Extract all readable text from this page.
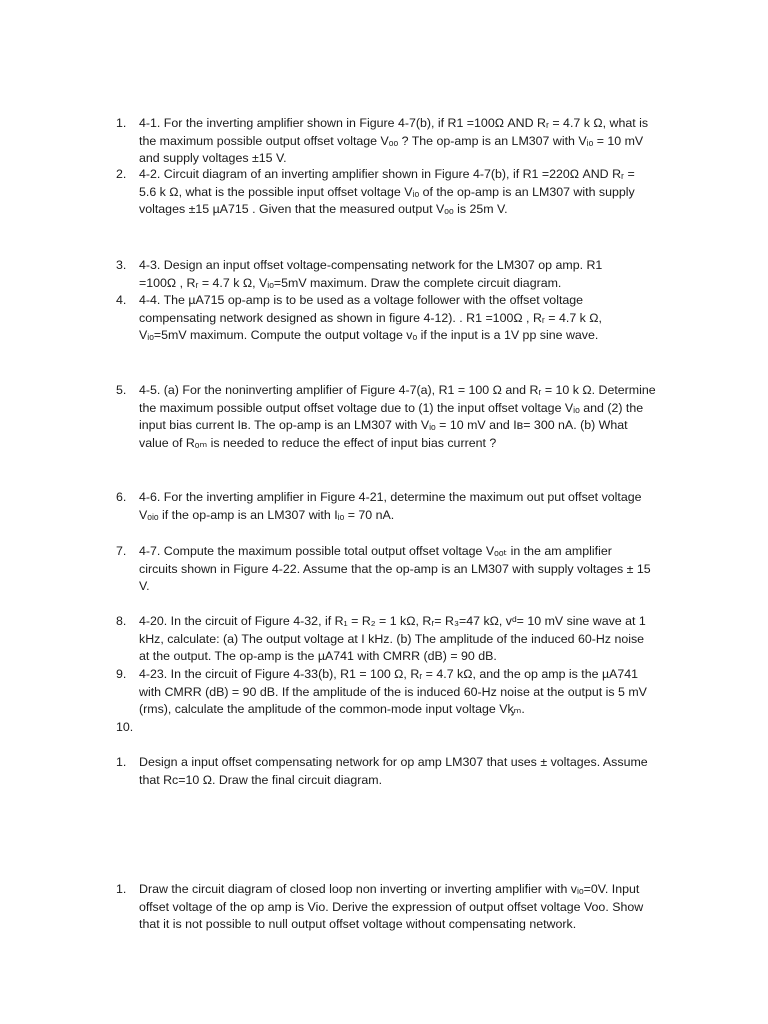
1.	4-1. For the inverting amplifier shown in Figure 4-7(b), if R1 =100Ω AND Rᵣ = 4.7 k Ω, what is
the maximum possible output offset voltage Vₒₒ ? The op-amp is an LM307 with Vᵢₒ = 10 mV
and supply voltages ±15 V.
2.	4-2. Circuit diagram of an inverting amplifier shown in Figure 4-7(b), if R1 =220Ω AND Rᵣ =
5.6 k Ω, what is the possible input offset voltage Vᵢₒ of the op-amp is an LM307 with supply
voltages ±15 µA715 . Given that the measured output Vₒₒ is 25m V.
3.	4-3. Design an input offset voltage-compensating network for the LM307 op amp. R1
=100Ω , Rᵣ = 4.7 k Ω, Vᵢₒ=5mV maximum. Draw the complete circuit diagram.
4.	4-4. The µA715 op-amp is to be used as a voltage follower with the offset voltage
compensating network designed as shown in figure 4-12). . R1 =100Ω , Rᵣ = 4.7 k Ω,
Vᵢₒ=5mV maximum. Compute the output voltage vₒ if the input is a 1V pp sine wave.
5.	4-5. (a) For the noninverting amplifier of Figure 4-7(a), R1 = 100 Ω and Rᵣ = 10 k Ω. Determine
the maximum possible output offset voltage due to (1) the input offset voltage Vᵢₒ and (2) the
input bias current Iʙ. The op-amp is an LM307 with Vᵢₒ = 10 mV and Iʙ= 300 nA. (b) What
value of Rₒₘ is needed to reduce the effect of input bias current ?
6.	4-6. For the inverting amplifier in Figure 4-21, determine the maximum out put offset voltage
Vₒᵢₒ if the op-amp is an LM307 with Iᵢₒ = 70 nA.
7.	4-7. Compute the maximum possible total output offset voltage Vₒₒₜ in the am amplifier
circuits shown in Figure 4-22. Assume that the op-amp is an LM307 with supply voltages ± 15
V.
8.	4-20. In the circuit of Figure 4-32, if R₁ = R₂ = 1 kΩ, Rᵣ= R₃=47 kΩ, vᵈ= 10 mV sine wave at 1
kHz, calculate: (a) The output voltage at I kHz. (b) The amplitude of the induced 60-Hz noise
at the output. The op-amp is the µA741 with CMRR (dB) = 90 dB.
9.	4-23. In the circuit of Figure 4-33(b), R1 = 100 Ω, Rᵣ = 4.7 kΩ, and the op amp is the µA741
with CMRR (dB) = 90 dB. If the amplitude of the is induced 60-Hz noise at the output is 5 mV
(rms), calculate the amplitude of the common-mode input voltage Vᶄₘ.
10.
1.	Design a input offset compensating network for op amp LM307 that uses ± voltages. Assume
that Rc=10 Ω. Draw the final circuit diagram.
1.	Draw the circuit diagram of closed loop non inverting or inverting amplifier with vᵢₒ=0V. Input
offset voltage of the op amp is Vio. Derive the expression of output offset voltage Voo. Show
that it is not possible to null output offset voltage without compensating network.
